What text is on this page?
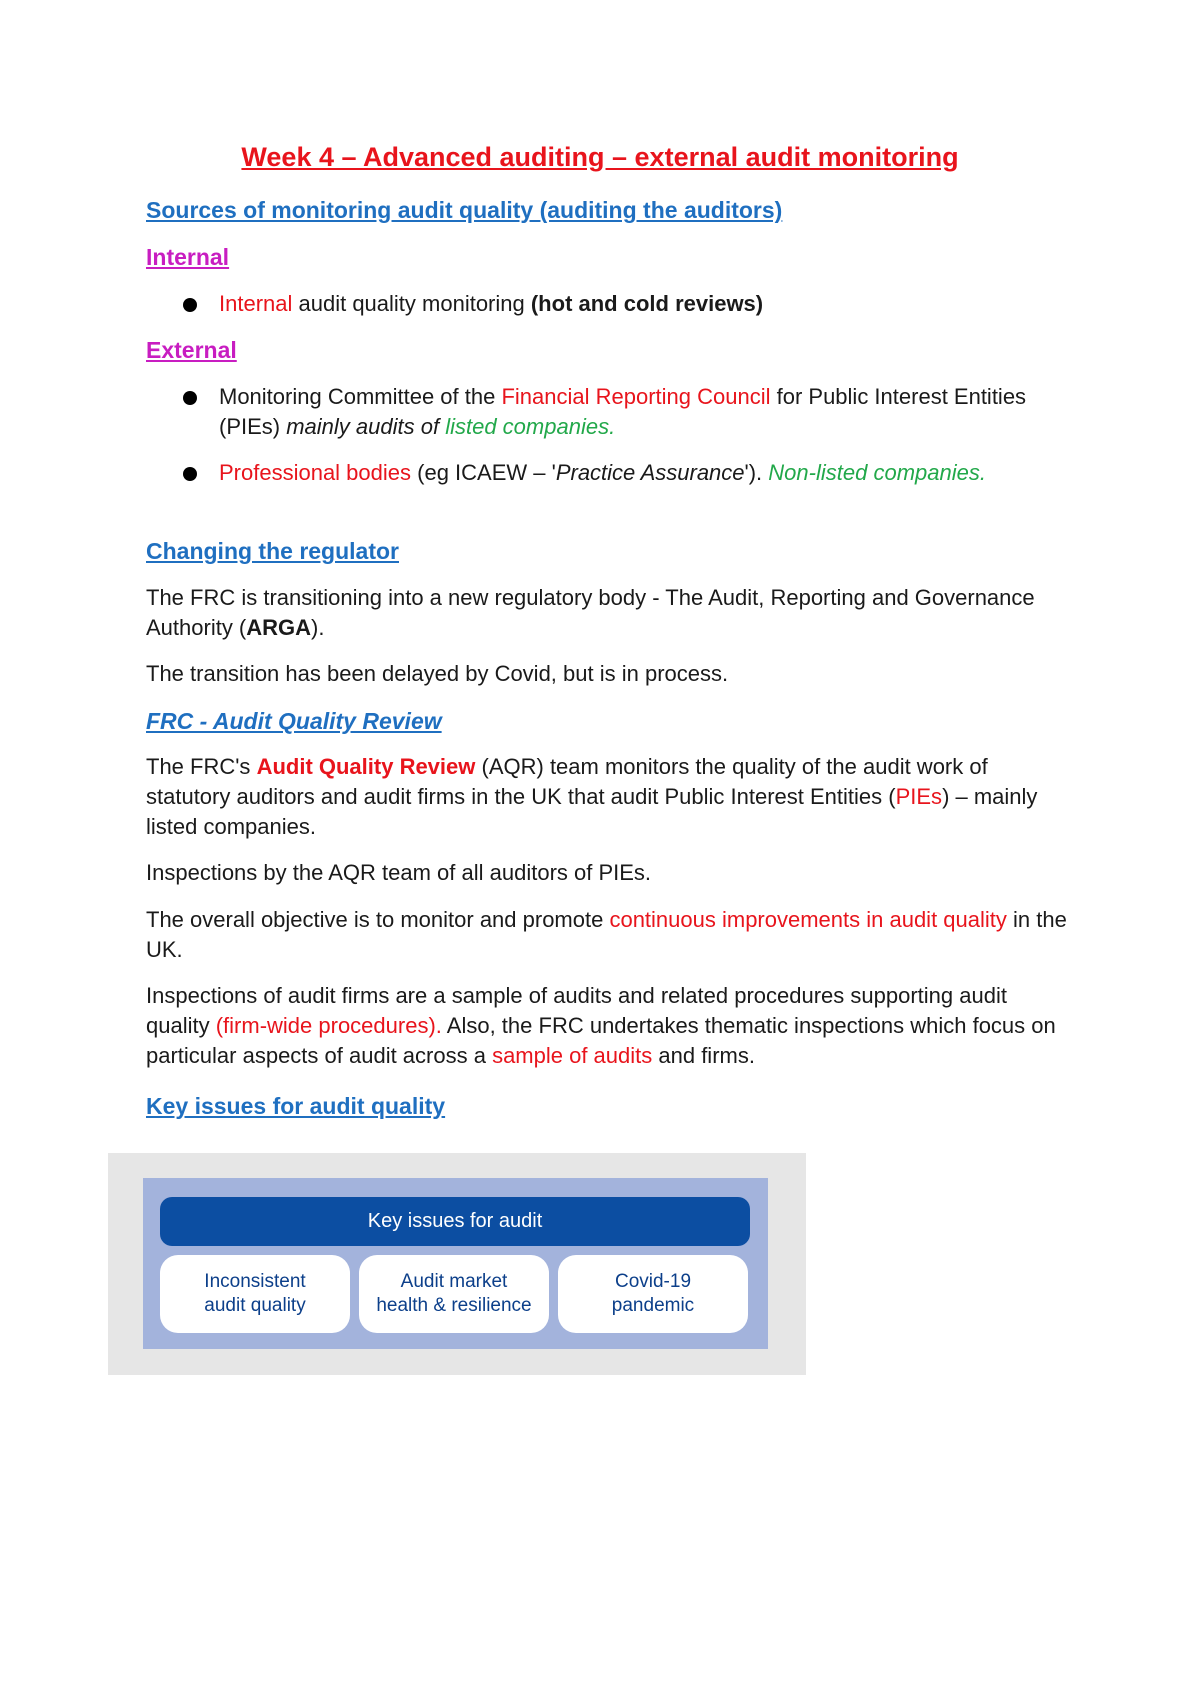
Week 4 – Advanced auditing – external audit monitoring
Sources of monitoring audit quality (auditing the auditors)
Internal
Internal audit quality monitoring (hot and cold reviews)
External
Monitoring Committee of the Financial Reporting Council for Public Interest Entities (PIEs) mainly audits of listed companies.
Professional bodies (eg ICAEW – 'Practice Assurance'). Non-listed companies.
Changing the regulator
The FRC is transitioning into a new regulatory body - The Audit, Reporting and Governance Authority (ARGA).
The transition has been delayed by Covid, but is in process.
FRC - Audit Quality Review
The FRC's Audit Quality Review (AQR) team monitors the quality of the audit work of statutory auditors and audit firms in the UK that audit Public Interest Entities (PIEs) – mainly listed companies.
Inspections by the AQR team of all auditors of PIEs.
The overall objective is to monitor and promote continuous improvements in audit quality in the UK.
Inspections of audit firms are a sample of audits and related procedures supporting audit quality (firm-wide procedures). Also, the FRC undertakes thematic inspections which focus on particular aspects of audit across a sample of audits and firms.
Key issues for audit quality
Key issues for audit
Inconsistent
audit quality
Audit market
health & resilience
Covid-19
pandemic
